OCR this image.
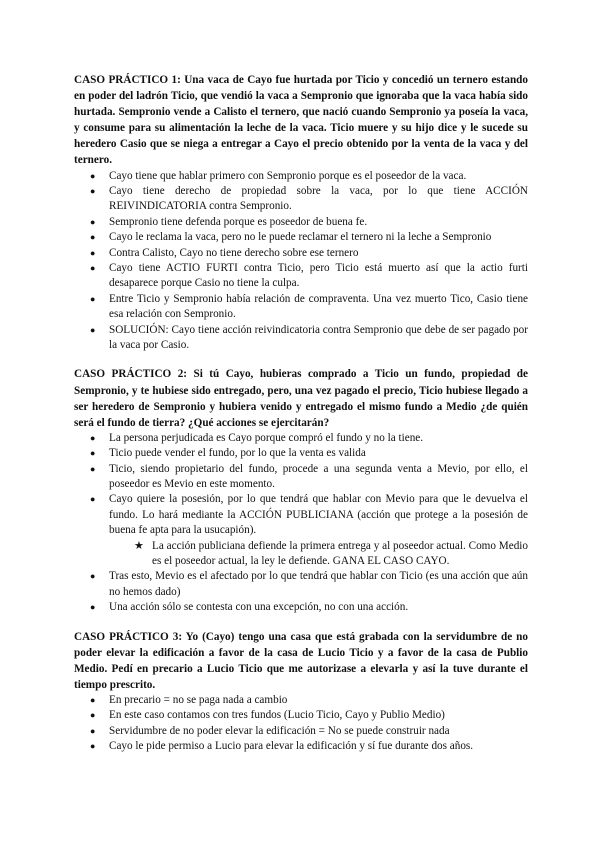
CASO PRÁCTICO 1: Una vaca de Cayo fue hurtada por Ticio y concedió un ternero estando en poder del ladrón Ticio, que vendió la vaca a Sempronio que ignoraba que la vaca había sido hurtada. Sempronio vende a Calisto el ternero, que nació cuando Sempronio ya poseía la vaca, y consume para su alimentación la leche de la vaca. Ticio muere y su hijo dice y le sucede su heredero Casio que se niega a entregar a Cayo el precio obtenido por la venta de la vaca y del ternero.

● Cayo tiene que hablar primero con Sempronio porque es el poseedor de la vaca.
● Cayo tiene derecho de propiedad sobre la vaca, por lo que tiene ACCIÓN REIVINDICATORIA contra Sempronio.
● Sempronio tiene defenda porque es poseedor de buena fe.
● Cayo le reclama la vaca, pero no le puede reclamar el ternero ni la leche a Sempronio
● Contra Calisto, Cayo no tiene derecho sobre ese ternero
● Cayo tiene ACTIO FURTI contra Ticio, pero Ticio está muerto así que la actio furti desaparece porque Casio no tiene la culpa.
● Entre Ticio y Sempronio había relación de compraventa. Una vez muerto Tico, Casio tiene esa relación con Sempronio.
● SOLUCIÓN: Cayo tiene acción reivindicatoria contra Sempronio que debe de ser pagado por la vaca por Casio.

CASO PRÁCTICO 2: Si tú Cayo, hubieras comprado a Ticio un fundo, propiedad de Sempronio, y te hubiese sido entregado, pero, una vez pagado el precio, Ticio hubiese llegado a ser heredero de Sempronio y hubiera venido y entregado el mismo fundo a Medio ¿de quién será el fundo de tierra? ¿Qué acciones se ejercitarán?

● La persona perjudicada es Cayo porque compró el fundo y no la tiene.
● Ticio puede vender el fundo, por lo que la venta es valida
● Ticio, siendo propietario del fundo, procede a una segunda venta a Mevio, por ello, el poseedor es Mevio en este momento.
● Cayo quiere la posesión, por lo que tendrá que hablar con Mevio para que le devuelva el fundo. Lo hará mediante la ACCIÓN PUBLICIANA (acción que protege a la posesión de buena fe apta para la usucapión).
★ La acción publiciana defiende la primera entrega y al poseedor actual. Como Medio es el poseedor actual, la ley le defiende. GANA EL CASO CAYO.
● Tras esto, Mevio es el afectado por lo que tendrá que hablar con Ticio (es una acción que aún no hemos dado)
● Una acción sólo se contesta con una excepción, no con una acción.

CASO PRÁCTICO 3: Yo (Cayo) tengo una casa que está grabada con la servidumbre de no poder elevar la edificación a favor de la casa de Lucio Ticio y a favor de la casa de Publio Medio. Pedí en precario a Lucio Ticio que me autorizase a elevarla y así la tuve durante el tiempo prescrito.

● En precario = no se paga nada a cambio
● En este caso contamos con tres fundos (Lucio Ticio, Cayo y Publio Medio)
● Servidumbre de no poder elevar la edificación = No se puede construir nada
● Cayo le pide permiso a Lucio para elevar la edificación y sí fue durante dos años.
